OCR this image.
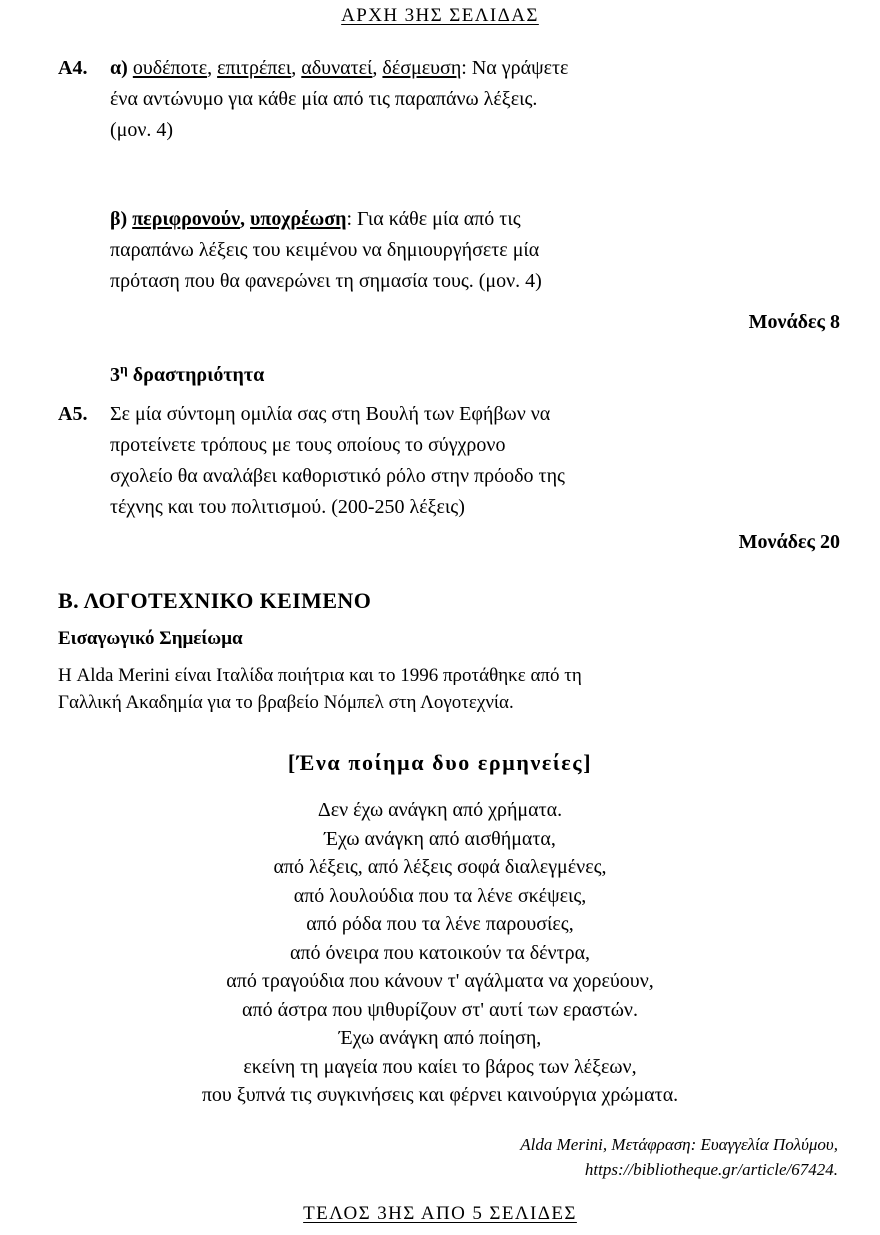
ΑΡΧΗ 3ΗΣ ΣΕΛΙΔΑΣ
Α4.	α) ουδέποτε, επιτρέπει, αδυνατεί, δέσμευση: Να γράψετε

ένα αντώνυμο για κάθε μία από τις παραπάνω λέξεις.

(μον. 4)

β) περιφρονούν, υποχρέωση: Για κάθε μία από τις

παραπάνω λέξεις του κειμένου να δημιουργήσετε μία

πρόταση που θα φανερώνει τη σημασία τους. (μον. 4)

Μονάδες 8
$3^\eta$ δραστηριότητα
Α5.	Σε μία σύντομη ομιλία σας στη Βουλή των Εφήβων να

προτείνετε τρόπους με τους οποίους το σύγχρονο

σχολείο θα αναλάβει καθοριστικό ρόλο στην πρόοδο της

τέχνης και του πολιτισμού. (200-250 λέξεις)

Μονάδες 20
Β. ΛΟΓΟΤΕΧΝΙΚΟ ΚΕΙΜΕΝΟ
Εισαγωγικό Σημείωμα

Η Alda Merini είναι Ιταλίδα ποιήτρια και το 1996 προτάθηκε από τη

Γαλλική Ακαδημία για το βραβείο Νόμπελ στη Λογοτεχνία.

[Ένα ποίημα δυο ερμηνείες]
Δεν έχω ανάγκη από χρήματα.
Έχω ανάγκη από αισθήματα,
από λέξεις, από λέξεις σοφά διαλεγμένες,
από λουλούδια που τα λένε σκέψεις,
από ρόδα που τα λένε παρουσίες,
από όνειρα που κατοικούν τα δέντρα,
από τραγούδια που κάνουν τ' αγάλματα να χορεύουν,
από άστρα που ψιθυρίζουν στ' αυτί των εραστών.
Έχω ανάγκη από ποίηση,
εκείνη τη μαγεία που καίει το βάρος των λέξεων,
που ξυπνά τις συγκινήσεις και φέρνει καινούργια χρώματα.
Alda Merini, Μετάφραση: Ευαγγελία Πολύμου,
https://bibliotheque.gr/article/67424.
ΤΕΛΟΣ 3ΗΣ ΑΠΟ 5 ΣΕΛΙΔΕΣ
